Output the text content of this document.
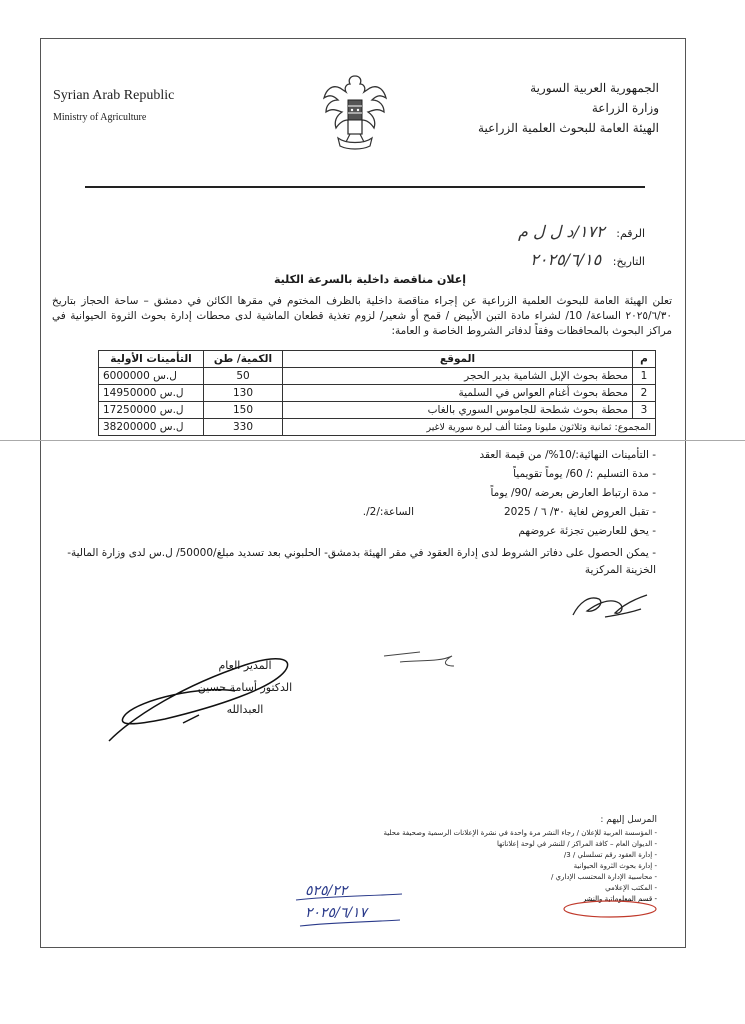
Syrian Arab Republic
Ministry of Agriculture
الجمهورية العربية السورية
وزارة الزراعة
الهيئة العامة للبحوث العلمية الزراعية
الرقم: ١٧٢/د ل ل م
التاريخ: ٢٠٢٥/٦/١٥
إعلان مناقصة داخلية بالسرعة الكلية
تعلن الهيئة العامة للبحوث العلمية الزراعية عن إجراء مناقصة داخلية بالظرف المختوم في مقرها الكائن في دمشق – ساحة الحجاز بتاريخ ٢٠٢٥/٦/٣٠ الساعة/ 10/ لشراء مادة التبن الأبيض / قمح أو شعير/ لزوم تغذية قطعان الماشية لدى محطات إدارة بحوث الثروة الحيوانية في مراكز البحوث بالمحافظات وفقاً لدفاتر الشروط الخاصة و العامة:
م	الموقع	الكمية/ طن	التأمينات الأولية
1	محطة بحوث الإبل الشامية بدير الحجر	50	6000000 ل.س
2	محطة بحوث أغنام العواس في السلمية	130	14950000 ل.س
3	محطة بحوث شطحة للجاموس السوري بالغاب	150	17250000 ل.س
المجموع: ثمانية وثلاثون مليونا ومئتا ألف ليرة سورية لاغير		330	38200000 ل.س
- التأمينات النهائية:/10%/ من قيمة العقد
- مدة التسليم :/ 60/ يوماً تقويمياً
- مدة ارتباط العارض بعرضه /90/ يوماً
- تقبل العروض لغاية ٣٠/ ٦ / 2025الساعة:/2/.
- يحق للعارضين تجزئة عروضهم
- يمكن الحصول على دفاتر الشروط لدى إدارة العقود في مقر الهيئة بدمشق- الحلبوني بعد تسديد مبلغ/50000/ ل.س لدى وزارة المالية-الخزينة المركزية
المدير العام
الدكتور أسامة حسين العبدالله
المرسل إليهم :
- المؤسسة العربية للإعلان / رجاء النشر مرة واحدة في نشرة الإعلانات الرسمية وصحيفة محلية
- الديوان العام – كافة المراكز / للنشر في لوحة إعلاناتها
- إدارة العقود رقم تسلسلي / 3/
- إدارة بحوث الثروة الحيوانية
- محاسبية الإدارة المحتسب الإداري /
- المكتب الإعلامي
- قسم المعلوماتية والنشر
٥٢٥/٢٢
٢٠٢٥/٦/١٧
